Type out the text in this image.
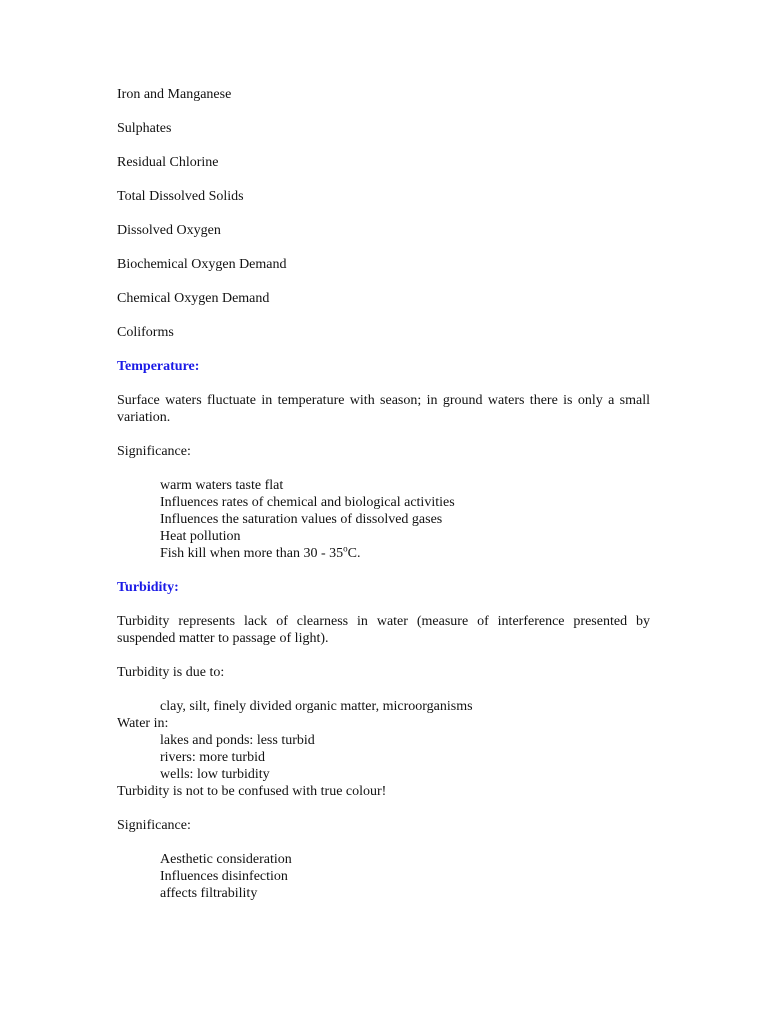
Iron and Manganese

Sulphates

Residual Chlorine

Total Dissolved Solids

Dissolved Oxygen

Biochemical Oxygen Demand

Chemical Oxygen Demand

Coliforms

Temperature:

Surface waters fluctuate in temperature with season; in ground waters there is only a small variation.

Significance:

warm waters taste flat

Influences rates of chemical and biological activities

Influences the saturation values of dissolved gases

Heat pollution

Fish kill when more than 30 - 35$^o$C.

Turbidity:

Turbidity represents lack of clearness in water (measure of interference presented by suspended matter to passage of light).

Turbidity is due to:

clay, silt, finely divided organic matter, microorganisms

Water in:

lakes and ponds: less turbid

rivers: more turbid

wells: low turbidity

Turbidity is not to be confused with true colour!

Significance:

Aesthetic consideration

Influences disinfection

affects filtrability
